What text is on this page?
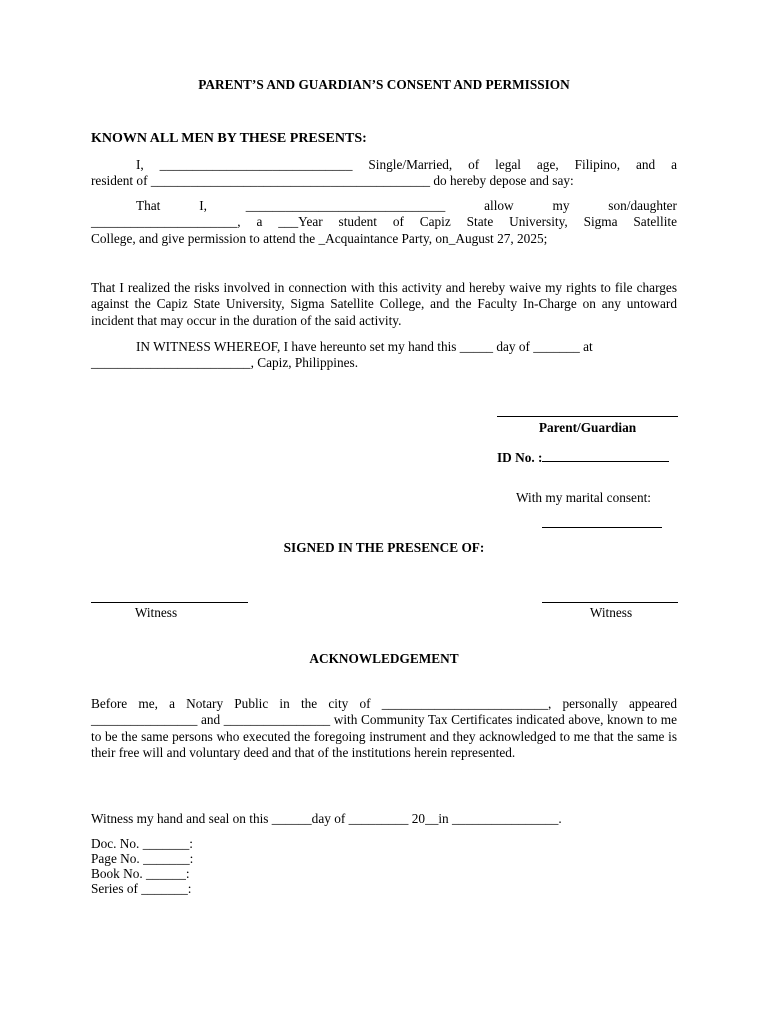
PARENT’S AND GUARDIAN’S CONSENT AND PERMISSION
KNOWN ALL MEN BY THESE PRESENTS:
I, _____________________________ Single/Married, of legal age, Filipino, and a
resident of __________________________________________ do hereby depose and say:
That I, ______________________________ allow my son/daughter
______________________, a ___Year student of Capiz State University, Sigma Satellite
College, and give permission to attend the _Acquaintance Party, on_August 27, 2025;
That I realized the risks involved in connection with this activity and hereby waive my rights to file charges against the Capiz State University, Sigma Satellite College, and the Faculty In-Charge on any untoward incident that may occur in the duration of the said activity.
IN WITNESS WHEREOF, I have hereunto set my hand this _____ day of _______ at
________________________, Capiz, Philippines.
Parent/Guardian
ID No. :
With my marital consent:
SIGNED IN THE PRESENCE OF:
Witness	Witness
ACKNOWLEDGEMENT
Before me, a Notary Public in the city of _________________________, personally appeared
________________ and ________________ with Community Tax Certificates indicated above, known to me to be the same persons who executed the foregoing instrument and they acknowledged to me that the same is their free will and voluntary deed and that of the institutions herein represented.
Witness my hand and seal on this ______day of _________ 20__in ________________.
Doc. No. _______:
Page No. _______:
Book No. ______:
Series of _______:
